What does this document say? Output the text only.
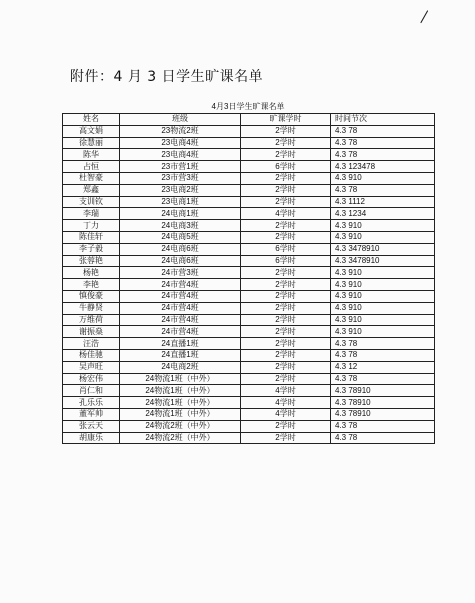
附件：4 月 3 日学生旷课名单
4月3日学生旷课名单
姓名	班级	旷课学时	时间节次
高文娟	23物流2班	2学时	4.3 78
徐慧丽	23电商4班	2学时	4.3 78
陈华	23电商4班	2学时	4.3 78
占恒	23市营1班	6学时	4.3 123478
杜智豪	23市营3班	2学时	4.3 910
郑鑫	23电商2班	2学时	4.3 78
支训钦	23电商1班	2学时	4.3 1112
李瑞	24电商1班	4学时	4.3 1234
丁力	24电商3班	2学时	4.3 910
陈佳轩	24电商5班	2学时	4.3 910
李子毅	24电商6班	6学时	4.3 3478910
张蓉艳	24电商6班	6学时	4.3 3478910
杨艳	24市营3班	2学时	4.3 910
李艳	24市营4班	2学时	4.3 910
慎俊豪	24市营4班	2学时	4.3 910
牛静贤	24市营4班	2学时	4.3 910
万维荷	24市营4班	2学时	4.3 910
谢振燊	24市营4班	2学时	4.3 910
汪浩	24直播1班	2学时	4.3 78
杨佳驰	24直播1班	2学时	4.3 78
吴声旺	24电商2班	2学时	4.3 12
杨宏伟	24物流1班（中外）	2学时	4.3 78
肖仁和	24物流1班（中外）	4学时	4.3 78910
孔乐乐	24物流1班（中外）	4学时	4.3 78910
董军帅	24物流1班（中外）	4学时	4.3 78910
张云天	24物流2班（中外）	2学时	4.3 78
胡康乐	24物流2班（中外）	2学时	4.3 78
